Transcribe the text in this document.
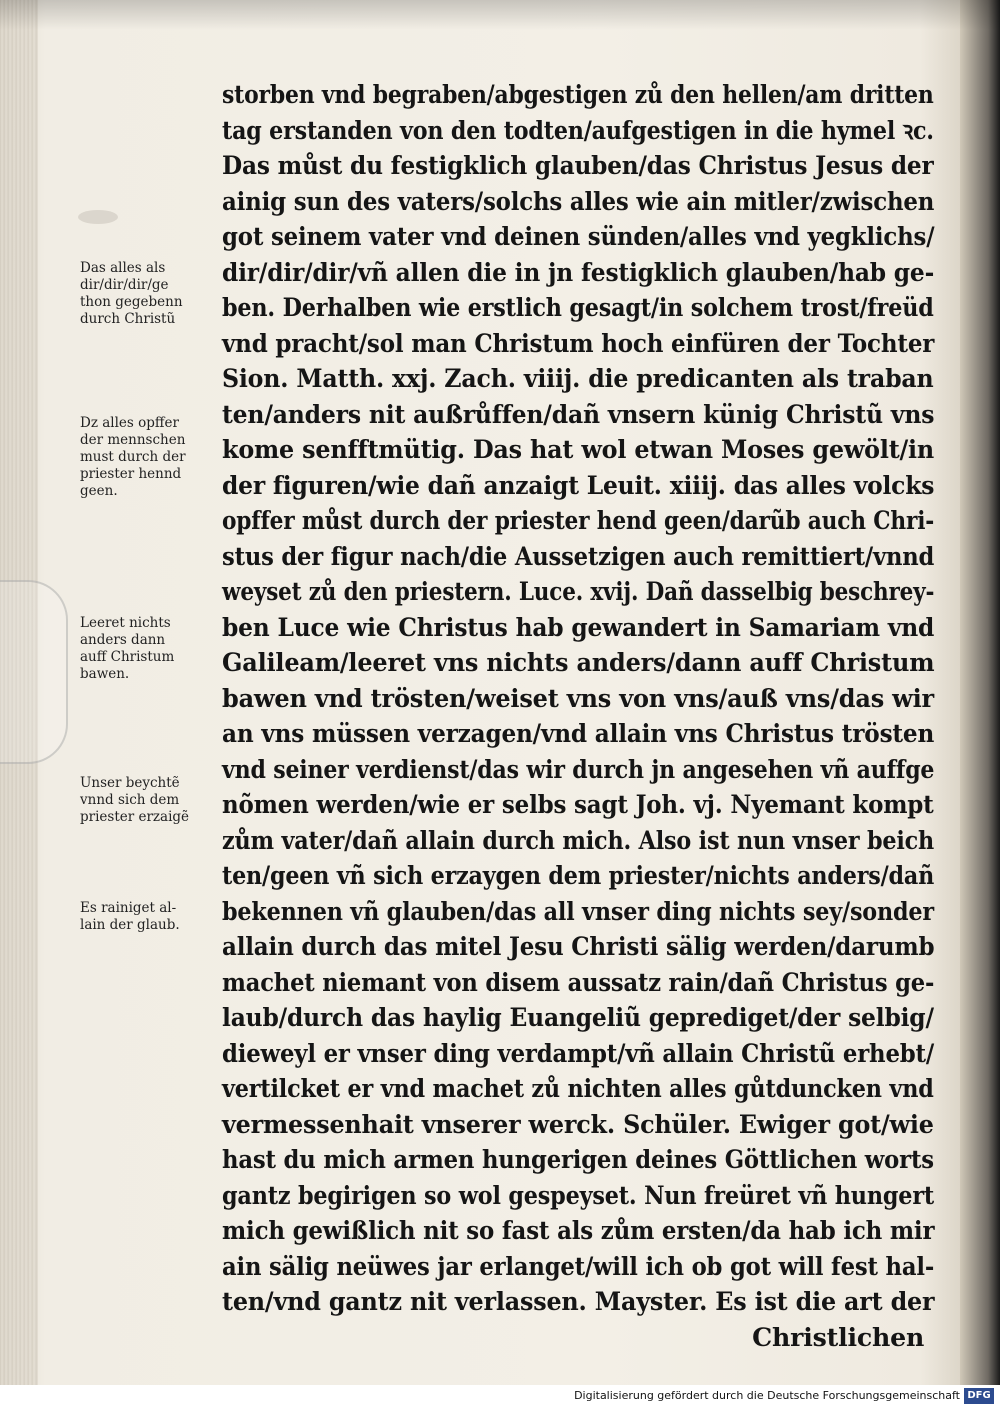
storben vnd begraben/abgestigen zů den hellen/am dritten
tag erstanden von den todten/aufgestigen in die hymel ꝛc.
Das můst du festigklich glauben/das Christus Jesus der
ainig sun des vaters/solchs alles wie ain mitler/zwischen
got seinem vater vnd deinen sünden/alles vnd yegklichs/
dir/dir/dir/vñ allen die in jn festigklich glauben/hab ge-
ben. Derhalben wie erstlich gesagt/in solchem trost/freüd
vnd pracht/sol man Christum hoch einfüren der Tochter
Sion. Matth. xxj. Zach. viiij. die predicanten als traban
ten/anders nit außrůffen/dañ vnsern künig Christũ vns
kome senfftmütig. Das hat wol etwan Moses gewölt/in
der figuren/wie dañ anzaigt Leuit. xiiij. das alles volcks
opffer můst durch der priester hend geen/darũb auch Chri-
stus der figur nach/die Aussetzigen auch remittiert/vnnd
weyset zů den priestern. Luce. xvij. Dañ dasselbig beschrey-
ben Luce wie Christus hab gewandert in Samariam vnd
Galileam/leeret vns nichts anders/dann auff Christum
bawen vnd trösten/weiset vns von vns/auß vns/das wir
an vns müssen verzagen/vnd allain vns Christus trösten
vnd seiner verdienst/das wir durch jn angesehen vñ auffge
nõmen werden/wie er selbs sagt Joh. vj. Nyemant kompt
zům vater/dañ allain durch mich. Also ist nun vnser beich
ten/geen vñ sich erzaygen dem priester/nichts anders/dañ
bekennen vñ glauben/das all vnser ding nichts sey/sonder
allain durch das mitel Jesu Christi sälig werden/darumb
machet niemant von disem aussatz rain/dañ Christus ge-
laub/durch das haylig Euangeliũ geprediget/der selbig/
dieweyl er vnser ding verdampt/vñ allain Christũ erhebt/
vertilcket er vnd machet zů nichten alles gůtduncken vnd
vermessenhait vnserer werck. Schüler. Ewiger got/wie
hast du mich armen hungerigen deines Göttlichen worts
gantz begirigen so wol gespeyset. Nun freüret vñ hungert
mich gewißlich nit so fast als zům ersten/da hab ich mir
ain sälig neüwes jar erlanget/will ich ob got will fest hal-
ten/vnd gantz nit verlassen. Mayster. Es ist die art der
Christlichen
Das alles als
dir/dir/dir/ge
thon gegebenn
durch Christũ
Dz alles opffer
der mennschen
must durch der
priester hennd
geen.
Leeret nichts
anders dann
auff Christum
bawen.
Unser beychtẽ
vnnd sich dem
priester erzaigẽ
Es rainiget al-
lain der glaub.
Digitalisierung gefördert durch die Deutsche Forschungsgemeinschaft DFG
